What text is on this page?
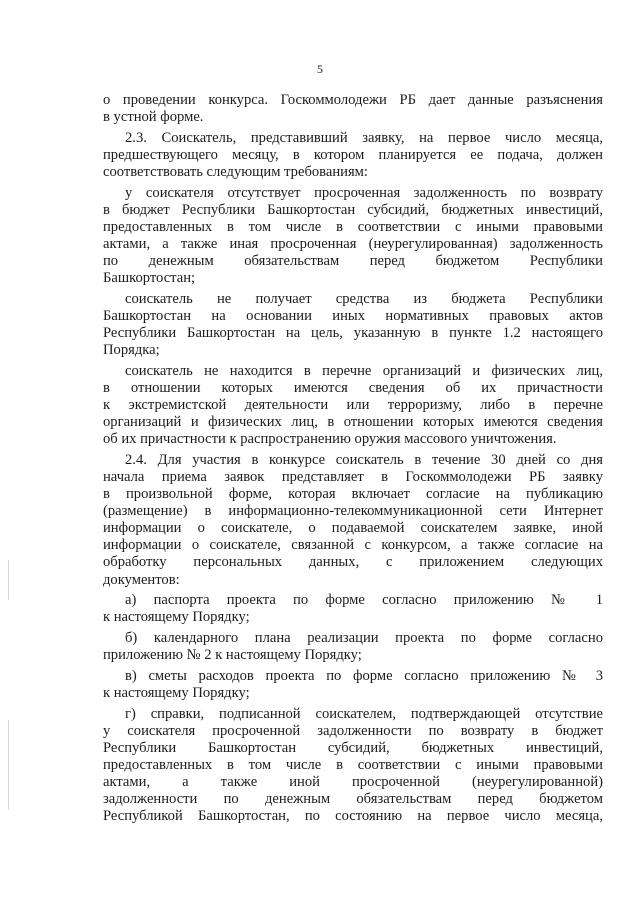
5
о проведении конкурса. Госкоммолодежи РБ дает данные разъяснения
в устной форме.
2.3. Соискатель, представивший заявку, на первое число месяца,
предшествующего месяцу, в котором планируется ее подача, должен
соответствовать следующим требованиям:
у соискателя отсутствует просроченная задолженность по возврату
в бюджет Республики Башкортостан субсидий, бюджетных инвестиций,
предоставленных в том числе в соответствии с иными правовыми
актами, а также иная просроченная (неурегулированная) задолженность
по денежным обязательствам перед бюджетом Республики
Башкортостан;
соискатель не получает средства из бюджета Республики
Башкортостан на основании иных нормативных правовых актов
Республики Башкортостан на цель, указанную в пункте 1.2 настоящего
Порядка;
соискатель не находится в перечне организаций и физических лиц,
в отношении которых имеются сведения об их причастности
к экстремистской деятельности или терроризму, либо в перечне
организаций и физических лиц, в отношении которых имеются сведения
об их причастности к распространению оружия массового уничтожения.
2.4. Для участия в конкурсе соискатель в течение 30 дней со дня
начала приема заявок представляет в Госкоммолодежи РБ заявку
в произвольной форме, которая включает согласие на публикацию
(размещение) в информационно-телекоммуникационной сети Интернет
информации о соискателе, о подаваемой соискателем заявке, иной
информации о соискателе, связанной с конкурсом, а также согласие на
обработку персональных данных, с приложением следующих
документов:
а) паспорта проекта по форме согласно приложению № 1
к настоящему Порядку;
б) календарного плана реализации проекта по форме согласно
приложению № 2 к настоящему Порядку;
в) сметы расходов проекта по форме согласно приложению № 3
к настоящему Порядку;
г) справки, подписанной соискателем, подтверждающей отсутствие
у соискателя просроченной задолженности по возврату в бюджет
Республики Башкортостан субсидий, бюджетных инвестиций,
предоставленных в том числе в соответствии с иными правовыми
актами, а также иной просроченной (неурегулированной)
задолженности по денежным обязательствам перед бюджетом
Республикой Башкортостан, по состоянию на первое число месяца,
